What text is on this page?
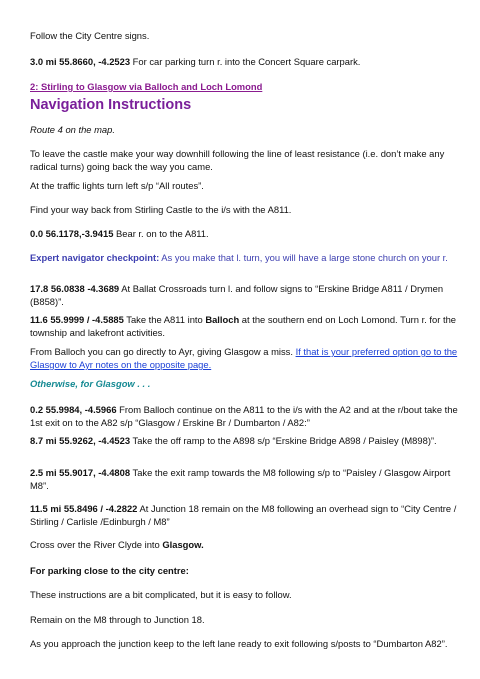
Follow the City Centre signs.

3.0 mi 55.8660, -4.2523 For car parking turn r. into the Concert Square carpark.

2: Stirling to Glasgow via Balloch and Loch Lomond

Navigation Instructions

Route 4 on the map.

To leave the castle make your way downhill following the line of least resistance (i.e. don’t make any radical turns) going back the way you came.

At the traffic lights turn left s/p “All routes”.

Find your way back from Stirling Castle to the i/s with the A811.

0.0 56.1178,-3.9415 Bear r. on to the A811.

Expert navigator checkpoint: As you make that l. turn, you will have a large stone church on your r.

17.8 56.0838 -4.3689 At Ballat Crossroads turn l. and follow signs to “Erskine Bridge A811 / Drymen (B858)”.

11.6 55.9999 / -4.5885 Take the A811 into Balloch at the southern end on Loch Lomond. Turn r. for the township and lakefront activities.

From Balloch you can go directly to Ayr, giving Glasgow a miss. If that is your preferred option go to the Glasgow to Ayr notes on the opposite page.

Otherwise, for Glasgow . . .

0.2 55.9984, -4.5966 From Balloch continue on the A811 to the i/s with the A2 and at the r/bout take the 1st exit on to the A82 s/p “Glasgow / Erskine Br / Dumbarton / A82:”

8.7 mi 55.9262, -4.4523 Take the off ramp to the A898 s/p “Erskine Bridge A898 / Paisley (M898)”.

2.5 mi 55.9017, -4.4808 Take the exit ramp towards the M8 following s/p to “Paisley / Glasgow Airport M8”.

11.5 mi 55.8496 / -4.2822 At Junction 18 remain on the M8 following an overhead sign to “City Centre / Stirling / Carlisle /Edinburgh / M8”

Cross over the River Clyde into Glasgow.

For parking close to the city centre:

These instructions are a bit complicated, but it is easy to follow.

Remain on the M8 through to Junction 18.

As you approach the junction keep to the left lane ready to exit following s/posts to “Dumbarton A82”.
